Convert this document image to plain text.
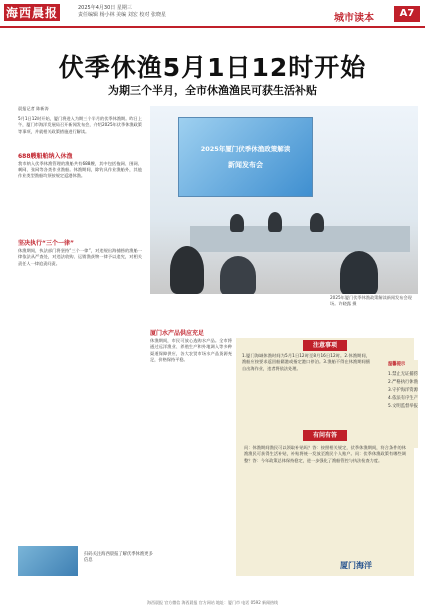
海西晨报	2025年4月30日 星期三
责任编辑 杨小林 美编 刘宏 校对 张晓星	城市读本	A7
伏季休渔5月1日12时开始
为期三个半月，全市休渔渔民可获生活补贴
晨报记者 陈新涛

5月1日12时开始，厦门将进入为期三个半月的伏季休渔期。昨日上午，厦门市海洋发展局召开新闻发布会，介绍2025年伏季休渔政策等事项，并就相关政策措施进行解读。

688艘船舶纳入休渔

我市纳入伏季休渔管理的渔船共有688艘，其中包括拖网、围网、刺网、张网等各类作业渔船。休渔期间，除钓具作业渔船外，其他作业类型渔船均须按规定返港休渔。

坚决执行“三个一律”

休渔期间，执法部门将坚持“三个一律”，对违规出海捕捞的渔船一律依法从严查处，对违法收购、运销渔获物一律予以追究，对相关责任人一律追责问责。

2025年厦门伏季休渔政策解读
新闻发布会
2025年厦门伏季休渔政策解读新闻发布会现场。许晓露 摄
厦门水产品供应充足

休渔期间，市民可放心选购水产品。全市将通过远洋渔业、养殖生产和外地调入等多种渠道保障供应，各大农贸市场水产品货源充足，价格保持平稳。

注意事项

1.厦门海域休渔时间为5月1日12时至8月16日12时。2.休渔期间，渔船应按要求返回船籍港或指定港口停泊。3.渔船不得在休渔期间擅自出海作业，违者将依法处理。

温馨提示
1.禁止无证捕捞
2.严格执行休渔
3.守护海洋资源
4.依法有序生产
5.文明监督举报
有问有答

问：休渔期间渔民可以领取补贴吗？答：按照相关规定，伏季休渔期间，符合条件的休渔渔民可获得生活补贴，补贴将统一发放至渔民个人账户。问：伏季休渔政策有哪些调整？答：今年政策总体保持稳定，进一步强化了渔船管控与执法检查力度。

扫码关注海西晨报了解伏季休渔更多信息
厦门海洋
海西晨报 官方微信 海西晨报 官方网站 地址：厦门市 电话 0592 新闻热线
